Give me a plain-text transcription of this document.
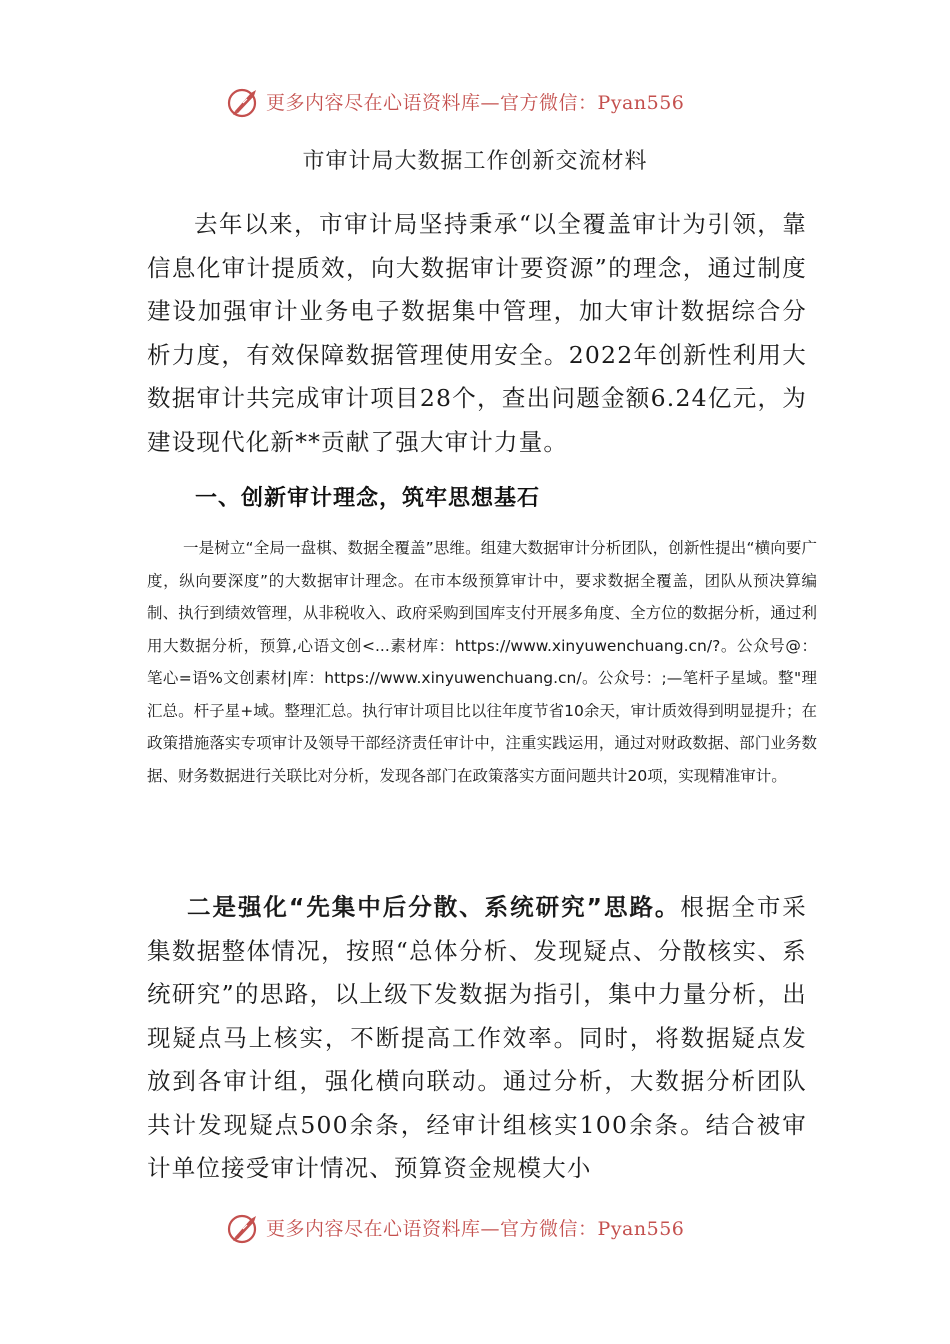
更多内容尽在心语资料库—官方微信：Pyan556
市审计局大数据工作创新交流材料

去年以来，市审计局坚持秉承“以全覆盖审计为引领，靠信息化审计提质效，向大数据审计要资源”的理念，通过制度建设加强审计业务电子数据集中管理，加大审计数据综合分析力度，有效保障数据管理使用安全。2022年创新性利用大数据审计共完成审计项目28个，查出问题金额6.24亿元，为建设现代化新**贡献了强大审计力量。

一、创新审计理念，筑牢思想基石

一是树立“全局一盘棋、数据全覆盖”思维。组建大数据审计分析团队，创新性提出“横向要广度，纵向要深度”的大数据审计理念。在市本级预算审计中，要求数据全覆盖，团队从预决算编制、执行到绩效管理，从非税收入、政府采购到国库支付开展多角度、全方位的数据分析，通过利用大数据分析，预算,心语文创<...素材库：https://www.xinyuwenchuang.cn/?。公众号@：笔心=语%文创素材|库：https://www.xinyuwenchuang.cn/。公众号：;—笔杆子星域。整"理汇总。杆子星+域。整理汇总。执行审计项目比以往年度节省10余天，审计质效得到明显提升；在政策措施落实专项审计及领导干部经济责任审计中，注重实践运用，通过对财政数据、部门业务数据、财务数据进行关联比对分析，发现各部门在政策落实方面问题共计20项，实现精准审计。

二是强化“先集中后分散、系统研究”思路。根据全市采集数据整体情况，按照“总体分析、发现疑点、分散核实、系统研究”的思路，以上级下发数据为指引，集中力量分析，出现疑点马上核实，不断提高工作效率。同时，将数据疑点发放到各审计组，强化横向联动。通过分析，大数据分析团队共计发现疑点500余条，经审计组核实100余条。结合被审计单位接受审计情况、预算资金规模大小

更多内容尽在心语资料库—官方微信：Pyan556
